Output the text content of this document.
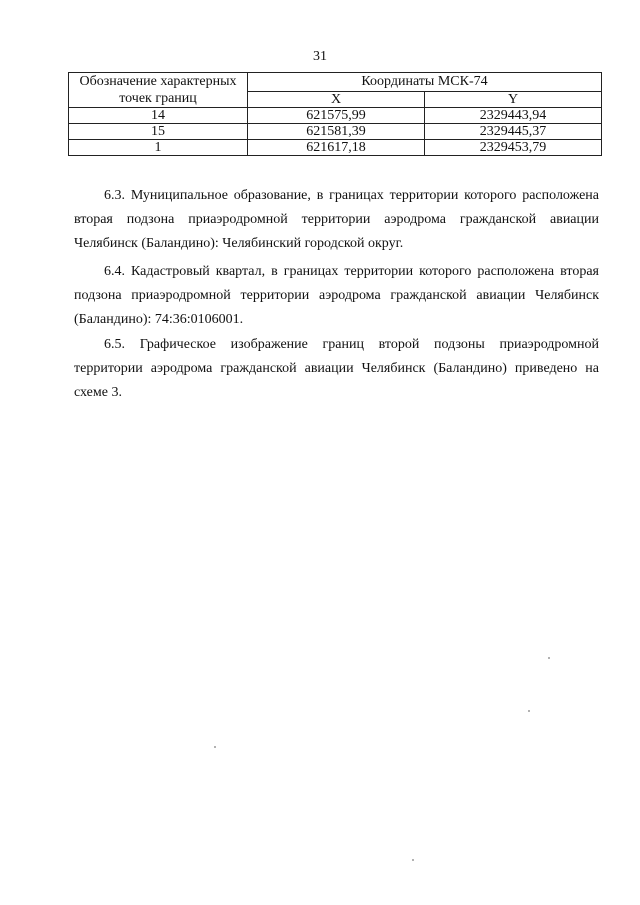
31
Обозначение характерных точек границ	Координаты МСК-74	
	X	Y
14	621575,99	2329443,94
15	621581,39	2329445,37
1	621617,18	2329453,79

6.3. Муниципальное образование, в границах территории которого расположена вторая подзона приаэродромной территории аэродрома гражданской авиации Челябинск (Баландино): Челябинский городской округ.

6.4. Кадастровый квартал, в границах территории которого расположена вторая подзона приаэродромной территории аэродрома гражданской авиации Челябинск (Баландино): 74:36:0106001.

6.5. Графическое изображение границ второй подзоны приаэродромной территории аэродрома гражданской авиации Челябинск (Баландино) приведено на схеме 3.
